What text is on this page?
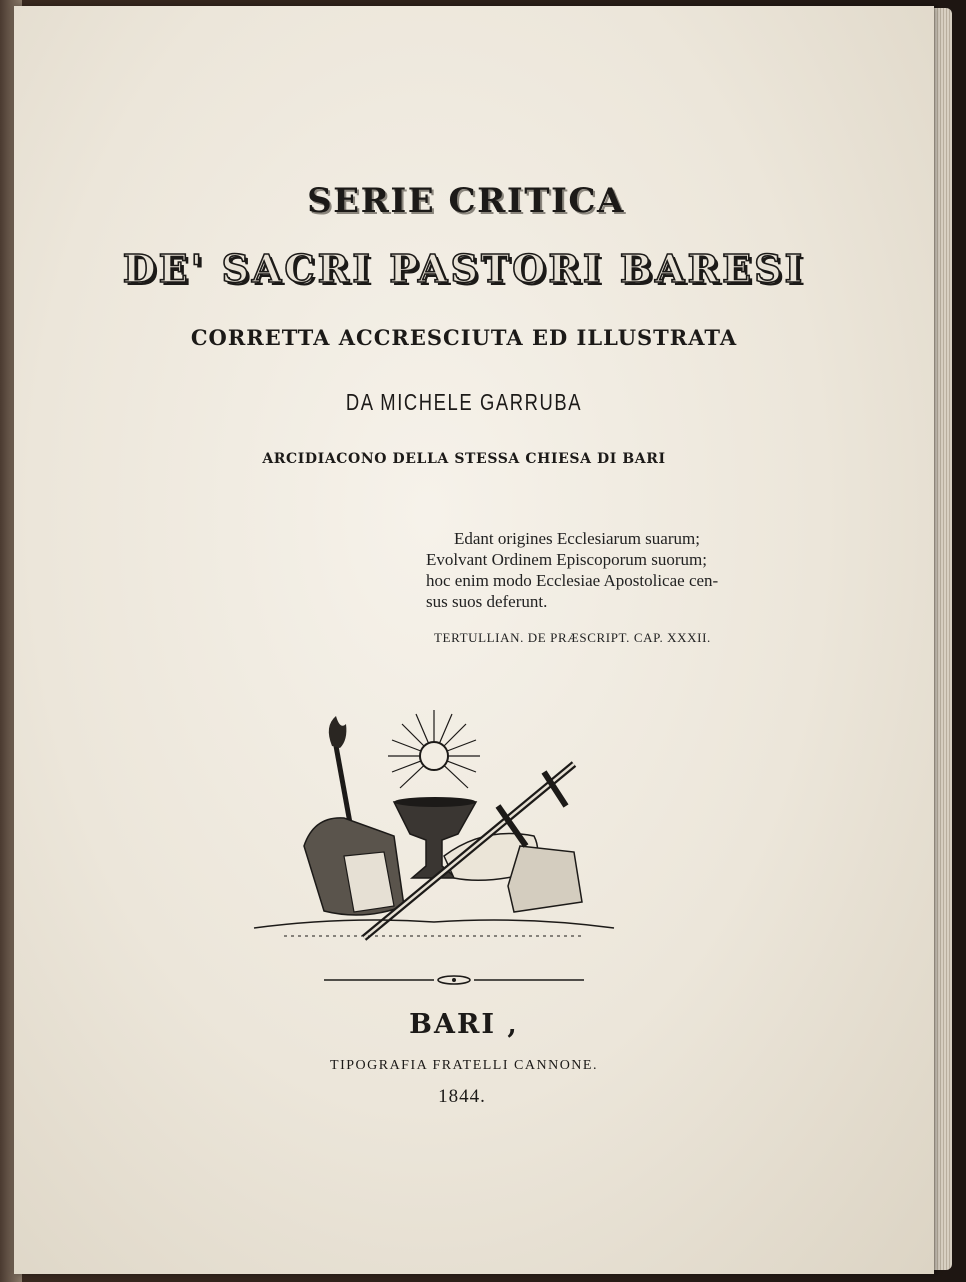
SERIE CRITICA
DE' SACRI PASTORI BARESI
CORRETTA ACCRESCIUTA ED ILLUSTRATA
DA MICHELE GARRUBA
ARCIDIACONO DELLA STESSA CHIESA DI BARI
Edant origines Ecclesiarum suarum;
Evolvant Ordinem Episcoporum suorum;
hoc enim modo Ecclesiae Apostolicae cen-
sus suos deferunt.
TERTULLIAN. DE PRÆSCRIPT. CAP. XXXII.
BARI ,
TIPOGRAFIA FRATELLI CANNONE.
1844.
